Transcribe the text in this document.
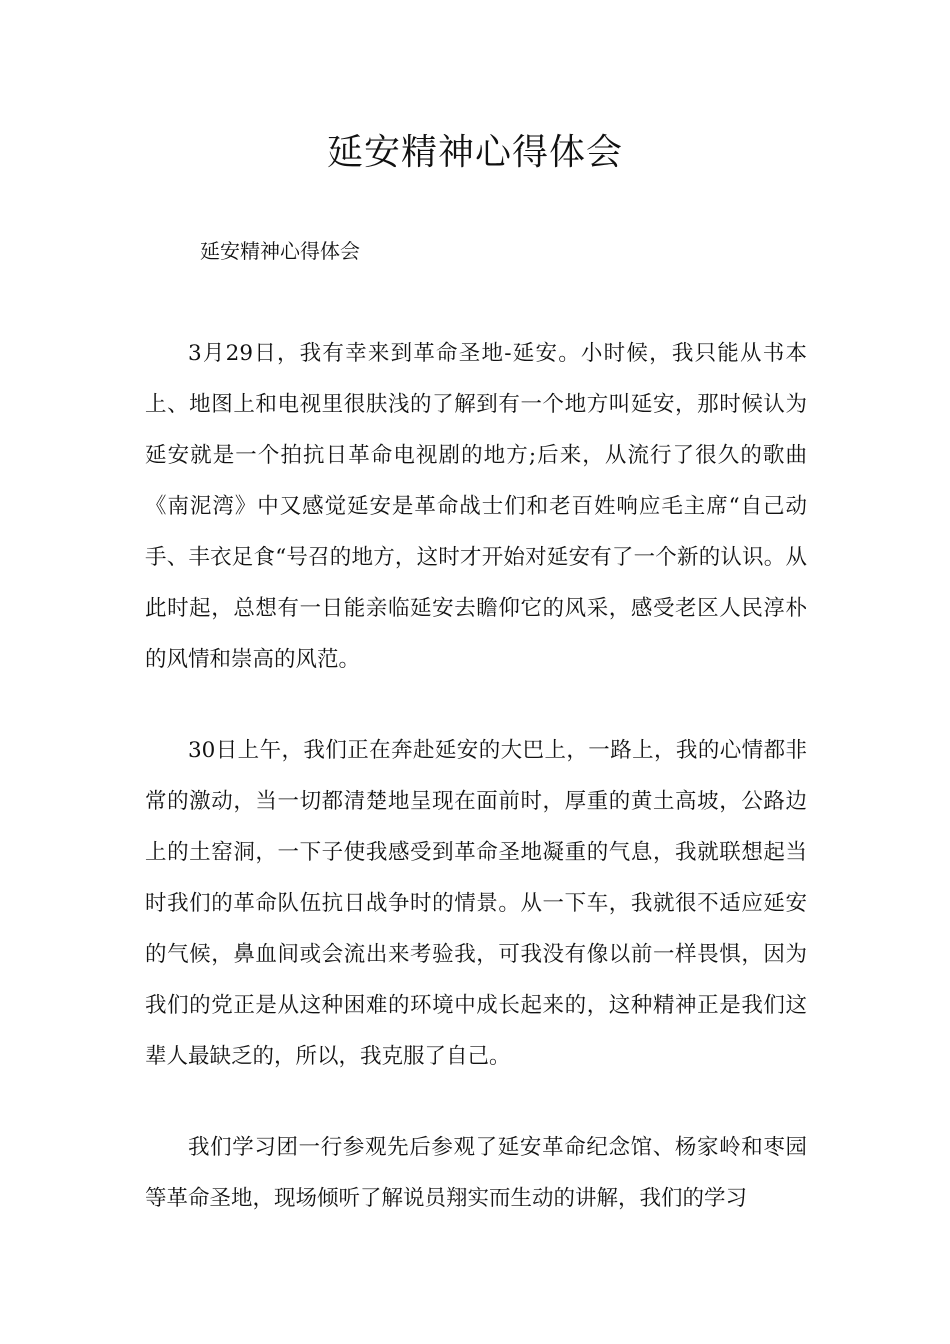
延安精神心得体会

延安精神心得体会

3月29日，我有幸来到革命圣地-延安。小时候，我只能从书本上、地图上和电视里很肤浅的了解到有一个地方叫延安，那时候认为延安就是一个拍抗日革命电视剧的地方;后来，从流行了很久的歌曲《南泥湾》中又感觉延安是革命战士们和老百姓响应毛主席“自己动手、丰衣足食“号召的地方，这时才开始对延安有了一个新的认识。从此时起，总想有一日能亲临延安去瞻仰它的风采，感受老区人民淳朴的风情和崇高的风范。

30日上午，我们正在奔赴延安的大巴上，一路上，我的心情都非常的激动，当一切都清楚地呈现在面前时，厚重的黄土高坡，公路边上的土窑洞，一下子使我感受到革命圣地凝重的气息，我就联想起当时我们的革命队伍抗日战争时的情景。从一下车，我就很不适应延安的气候，鼻血间或会流出来考验我，可我没有像以前一样畏惧，因为我们的党正是从这种困难的环境中成长起来的，这种精神正是我们这辈人最缺乏的，所以，我克服了自己。

我们学习团一行参观先后参观了延安革命纪念馆、杨家岭和枣园等革命圣地，现场倾听了解说员翔实而生动的讲解，我们的学习
